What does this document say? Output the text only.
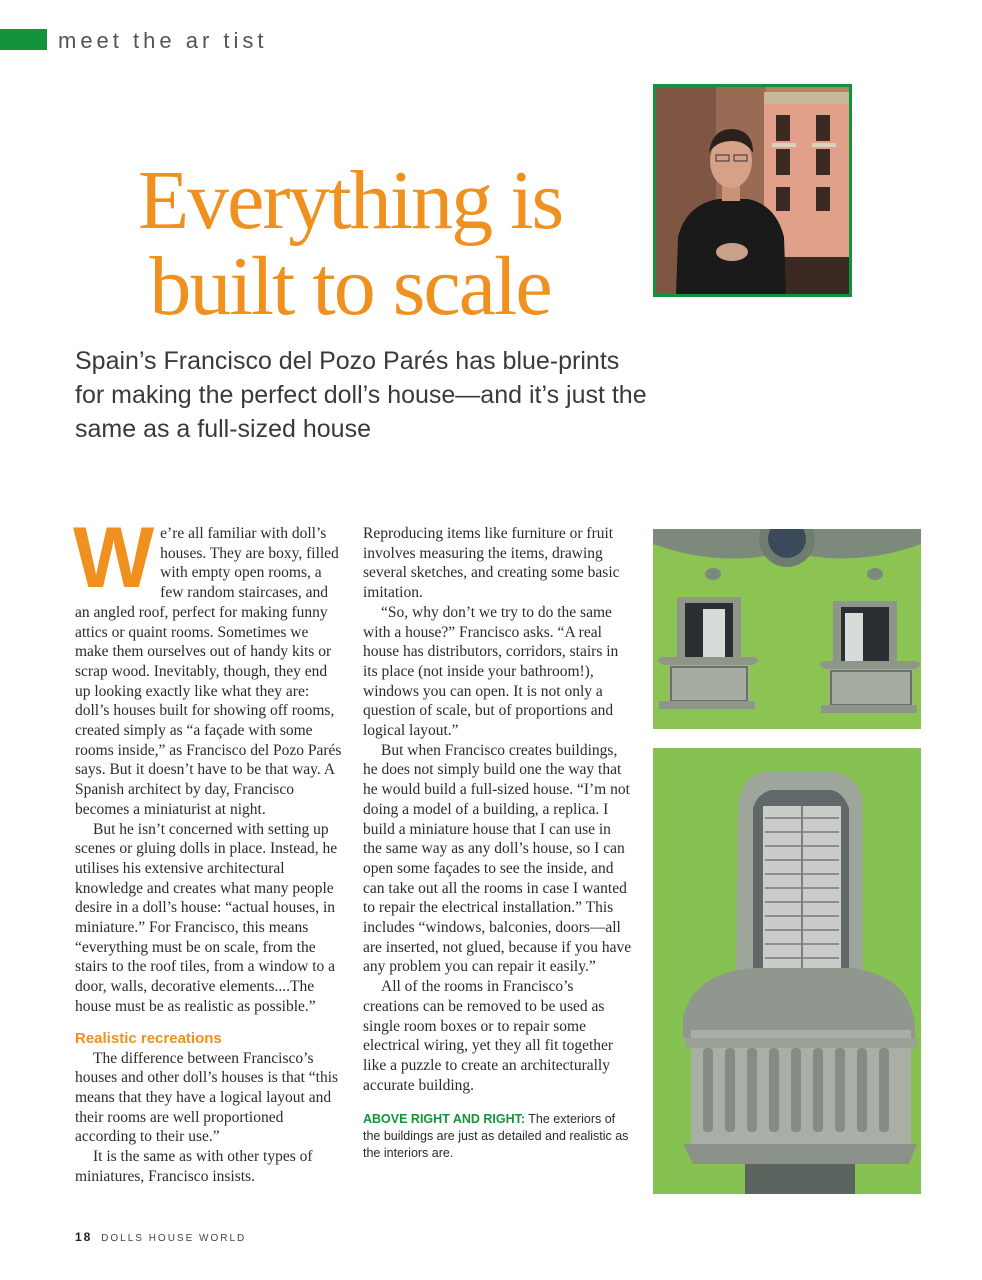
meet the ar tist
Everything is built to scale

Spain’s Francisco del Pozo Parés has blue-prints for making the perfect doll’s house—and it’s just the same as a full-sized house

W e’re all familiar with doll’s houses. They are boxy, filled with empty open rooms, a few random staircases, and an angled roof, perfect for making funny attics or quaint rooms. Sometimes we make them ourselves out of handy kits or scrap wood. Inevitably, though, they end up looking exactly like what they are: doll’s houses built for showing off rooms, created simply as “a façade with some rooms inside,” as Francisco del Pozo Parés says. But it doesn’t have to be that way. A Spanish architect by day, Francisco becomes a miniaturist at night.

But he isn’t concerned with setting up scenes or gluing dolls in place. Instead, he utilises his extensive architectural knowledge and creates what many people desire in a doll’s house: “actual houses, in miniature.” For Francisco, this means “everything must be on scale, from the stairs to the roof tiles, from a window to a door, walls, decorative elements....The house must be as realistic as possible.”

Realistic recreations

The difference between Francisco’s houses and other doll’s houses is that “this means that they have a logical layout and their rooms are well proportioned according to their use.”

It is the same as with other types of miniatures, Francisco insists.

Reproducing items like furniture or fruit involves measuring the items, drawing several sketches, and creating some basic imitation.

“So, why don’t we try to do the same with a house?” Francisco asks. “A real house has distributors, corridors, stairs in its place (not inside your bathroom!), windows you can open. It is not only a question of scale, but of proportions and logical layout.”

But when Francisco creates buildings, he does not simply build one the way that he would build a full-sized house. “I’m not doing a model of a building, a replica. I build a miniature house that I can use in the same way as any doll’s house, so I can open some façades to see the inside, and can take out all the rooms in case I wanted to repair the electrical installation.” This includes “windows, balconies, doors—all are inserted, not glued, because if you have any problem you can repair it easily.”

All of the rooms in Francisco’s creations can be removed to be used as single room boxes or to repair some electrical wiring, yet they all fit together like a puzzle to create an architecturally accurate building.

ABOVE RIGHT AND RIGHT: The exteriors of the buildings are just as detailed and realistic as the interiors are.
18 DOLLS HOUSE WORLD
